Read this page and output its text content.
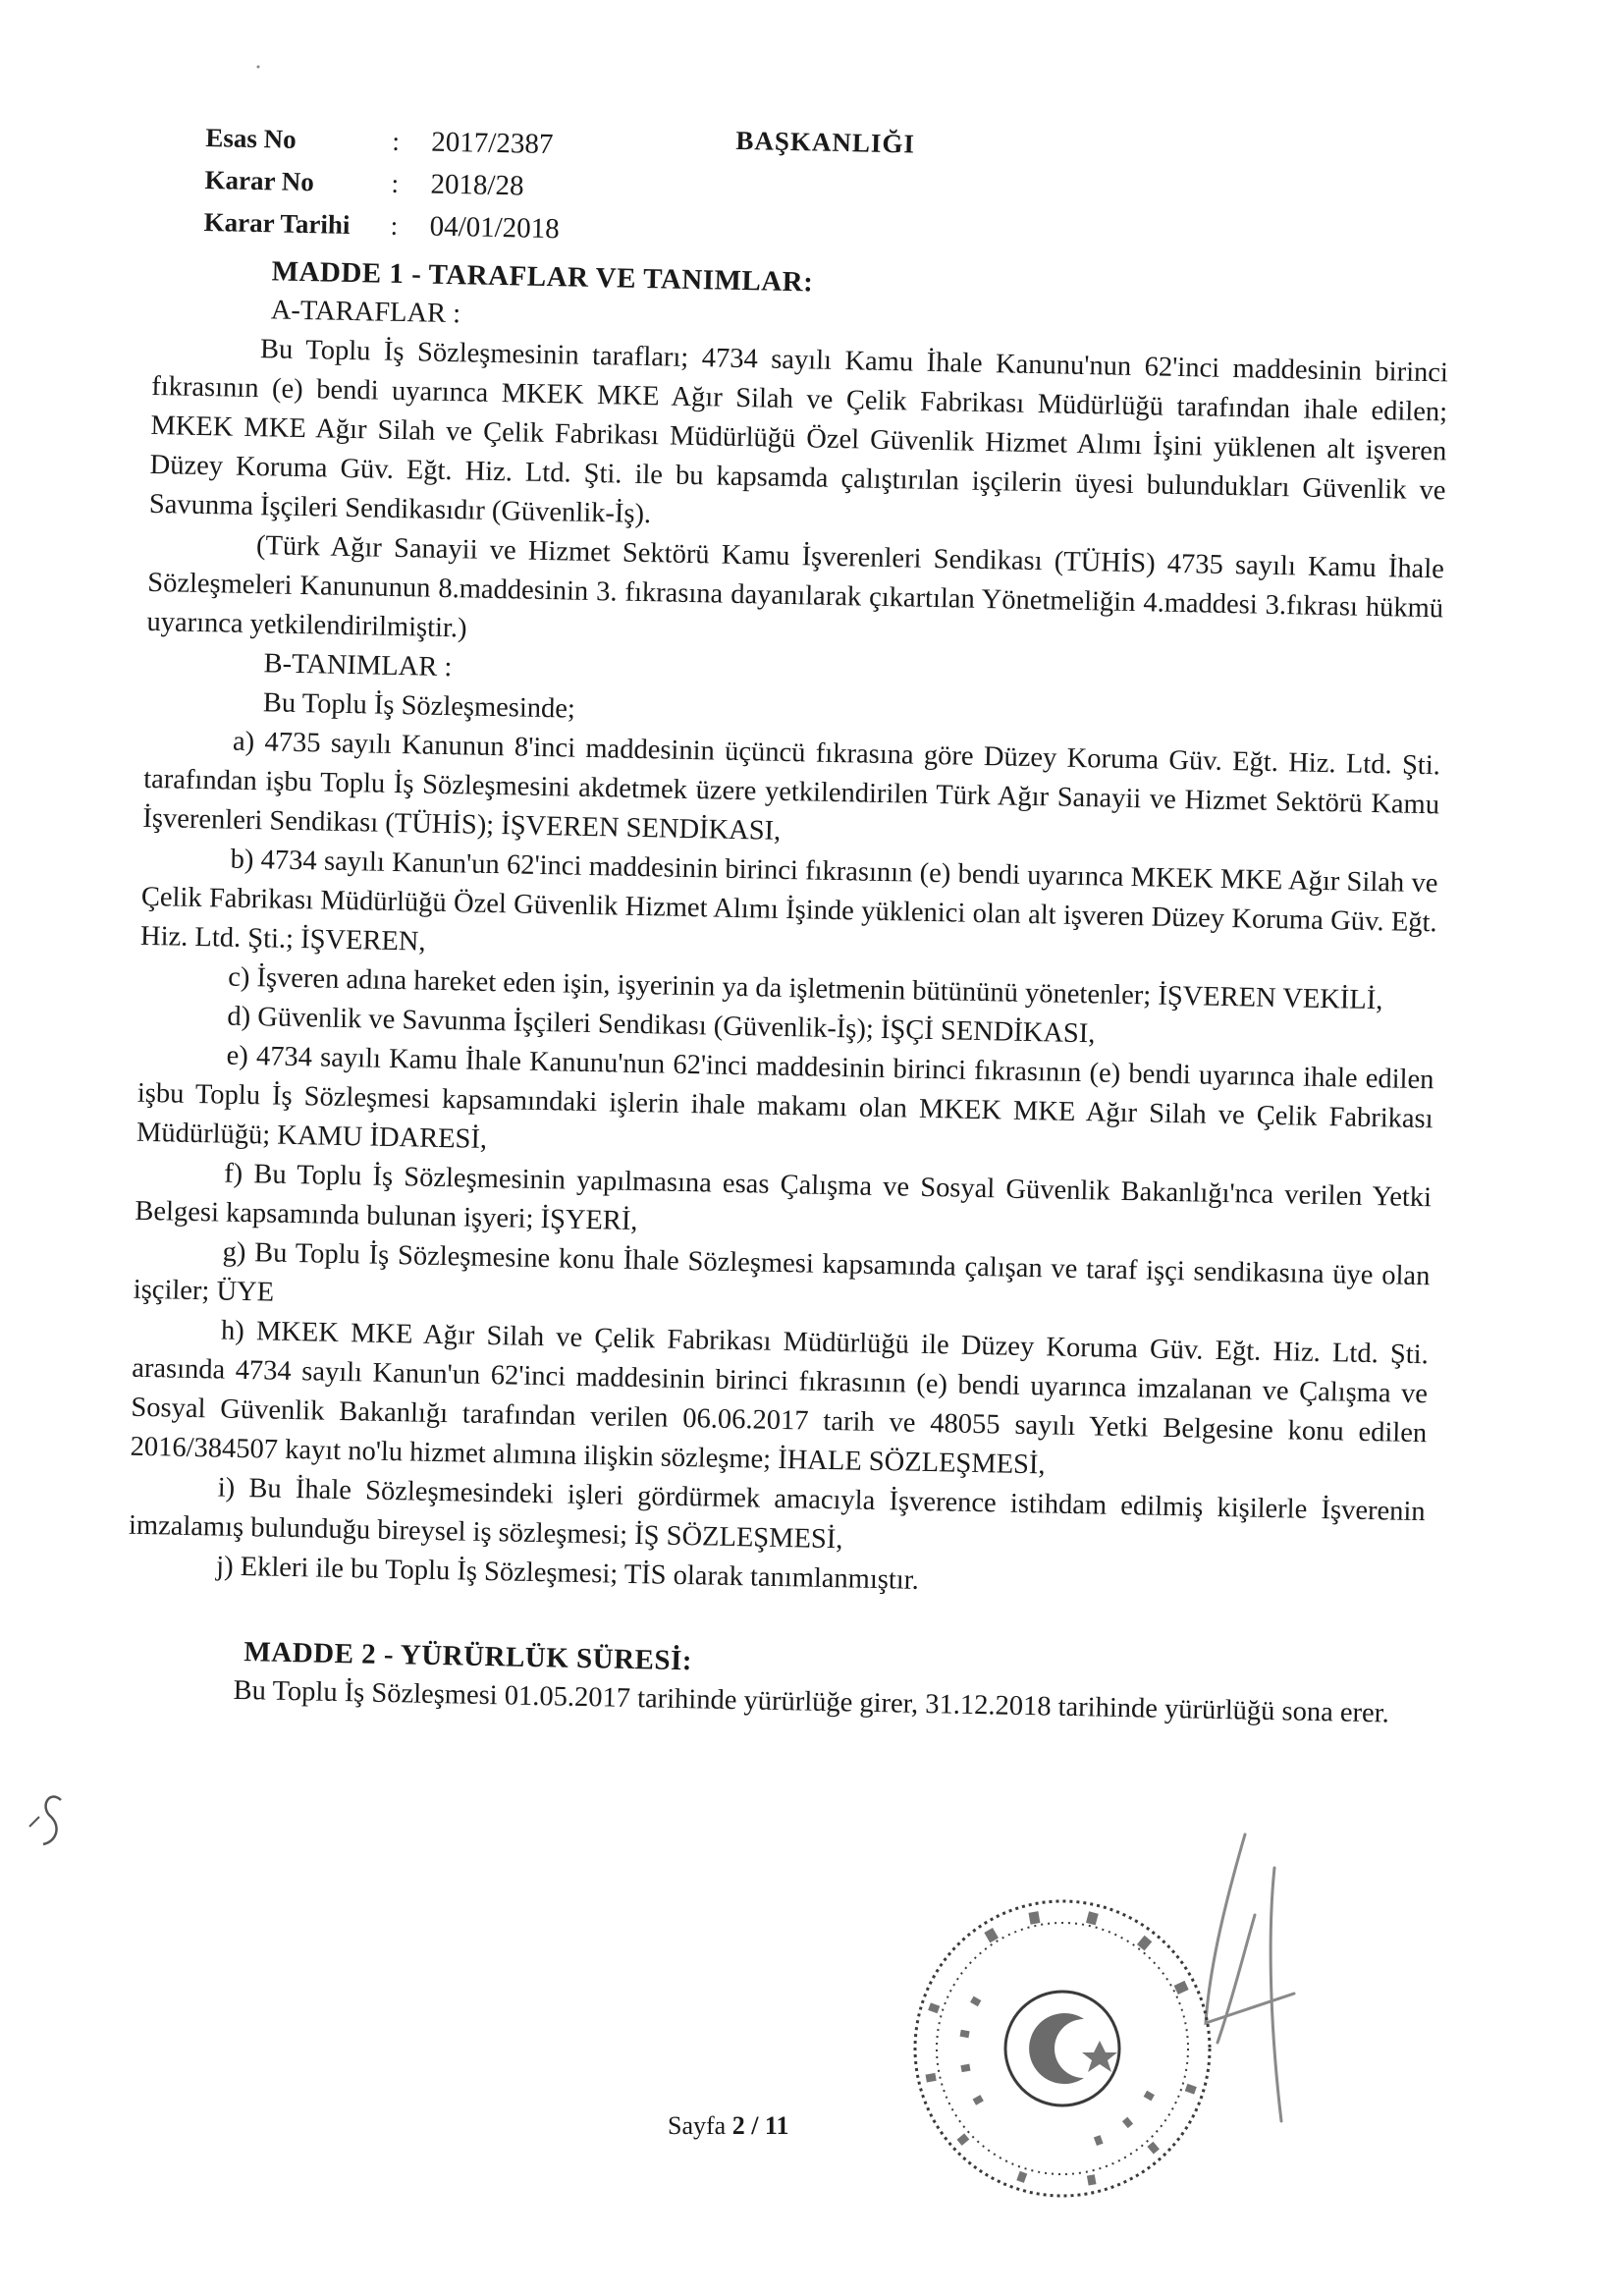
Esas No	:	2017/2387
Karar No	:	2018/28
Karar Tarihi	:	04/01/2018
BAŞKANLIĞI
MADDE 1 - TARAFLAR VE TANIMLAR:
A-TARAFLAR :

Bu Toplu İş Sözleşmesinin tarafları; 4734 sayılı Kamu İhale Kanunu'nun 62'inci maddesinin birinci fıkrasının (e) bendi uyarınca MKEK MKE Ağır Silah ve Çelik Fabrikası Müdürlüğü tarafından ihale edilen; MKEK MKE Ağır Silah ve Çelik Fabrikası Müdürlüğü Özel Güvenlik Hizmet Alımı İşini yüklenen alt işveren Düzey Koruma Güv. Eğt. Hiz. Ltd. Şti. ile bu kapsamda çalıştırılan işçilerin üyesi bulundukları Güvenlik ve Savunma İşçileri Sendikasıdır (Güvenlik-İş).

(Türk Ağır Sanayii ve Hizmet Sektörü Kamu İşverenleri Sendikası (TÜHİS) 4735 sayılı Kamu İhale Sözleşmeleri Kanununun 8.maddesinin 3. fıkrasına dayanılarak çıkartılan Yönetmeliğin 4.maddesi 3.fıkrası hükmü uyarınca yetkilendirilmiştir.)

B-TANIMLAR :
Bu Toplu İş Sözleşmesinde;

a) 4735 sayılı Kanunun 8'inci maddesinin üçüncü fıkrasına göre Düzey Koruma Güv. Eğt. Hiz. Ltd. Şti. tarafından işbu Toplu İş Sözleşmesini akdetmek üzere yetkilendirilen Türk Ağır Sanayii ve Hizmet Sektörü Kamu İşverenleri Sendikası (TÜHİS); İŞVEREN SENDİKASI,

b) 4734 sayılı Kanun'un 62'inci maddesinin birinci fıkrasının (e) bendi uyarınca MKEK MKE Ağır Silah ve Çelik Fabrikası Müdürlüğü Özel Güvenlik Hizmet Alımı İşinde yüklenici olan alt işveren Düzey Koruma Güv. Eğt. Hiz. Ltd. Şti.; İŞVEREN,

c) İşveren adına hareket eden işin, işyerinin ya da işletmenin bütününü yönetenler; İŞVEREN VEKİLİ,

d) Güvenlik ve Savunma İşçileri Sendikası (Güvenlik-İş); İŞÇİ SENDİKASI,

e) 4734 sayılı Kamu İhale Kanunu'nun 62'inci maddesinin birinci fıkrasının (e) bendi uyarınca ihale edilen işbu Toplu İş Sözleşmesi kapsamındaki işlerin ihale makamı olan MKEK MKE Ağır Silah ve Çelik Fabrikası Müdürlüğü; KAMU İDARESİ,

f) Bu Toplu İş Sözleşmesinin yapılmasına esas Çalışma ve Sosyal Güvenlik Bakanlığı'nca verilen Yetki Belgesi kapsamında bulunan işyeri; İŞYERİ,

g) Bu Toplu İş Sözleşmesine konu İhale Sözleşmesi kapsamında çalışan ve taraf işçi sendikasına üye olan işçiler; ÜYE

h) MKEK MKE Ağır Silah ve Çelik Fabrikası Müdürlüğü ile Düzey Koruma Güv. Eğt. Hiz. Ltd. Şti. arasında 4734 sayılı Kanun'un 62'inci maddesinin birinci fıkrasının (e) bendi uyarınca imzalanan ve Çalışma ve Sosyal Güvenlik Bakanlığı tarafından verilen 06.06.2017 tarih ve 48055 sayılı Yetki Belgesine konu edilen 2016/384507 kayıt no'lu hizmet alımına ilişkin sözleşme; İHALE SÖZLEŞMESİ,

i) Bu İhale Sözleşmesindeki işleri gördürmek amacıyla İşverence istihdam edilmiş kişilerle İşverenin imzalamış bulunduğu bireysel iş sözleşmesi; İŞ SÖZLEŞMESİ,

j) Ekleri ile bu Toplu İş Sözleşmesi; TİS olarak tanımlanmıştır.

MADDE 2 - YÜRÜRLÜK SÜRESİ:

Bu Toplu İş Sözleşmesi 01.05.2017 tarihinde yürürlüğe girer, 31.12.2018 tarihinde yürürlüğü sona erer.

Sayfa 2 / 11
